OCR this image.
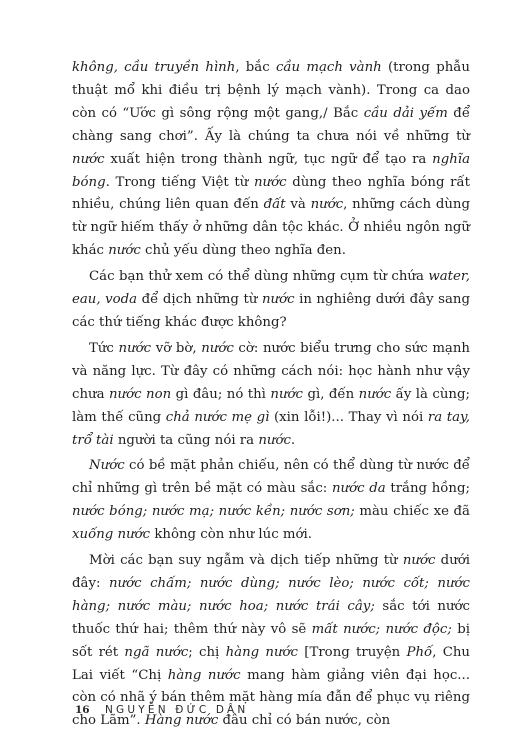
không, cầu truyền hình, bắc cầu mạch vành (trong phẫu thuật mổ khi điều trị bệnh lý mạch vành). Trong ca dao còn có “Ước gì sông rộng một gang,/ Bắc cầu dải yếm để chàng sang chơi”. Ấy là chúng ta chưa nói về những từ nước xuất hiện trong thành ngữ, tục ngữ để tạo ra nghĩa bóng. Trong tiếng Việt từ nước dùng theo nghĩa bóng rất nhiều, chúng liên quan đến đất và nước, những cách dùng từ ngữ hiếm thấy ở những dân tộc khác. Ở nhiều ngôn ngữ khác nước chủ yếu dùng theo nghĩa đen.

Các bạn thử xem có thể dùng những cụm từ chứa water, eau, voda để dịch những từ nước in nghiêng dưới đây sang các thứ tiếng khác được không?

Tức nước vỡ bờ, nước cờ: nước biểu trưng cho sức mạnh và năng lực. Từ đây có những cách nói: học hành như vậy chưa nước non gì đâu; nó thì nước gì, đến nước ấy là cùng; làm thế cũng chả nước mẹ gì (xin lỗi!)... Thay vì nói ra tay, trổ tài người ta cũng nói ra nước.

Nước có bề mặt phản chiếu, nên có thể dùng từ nước để chỉ những gì trên bề mặt có màu sắc: nước da trắng hồng; nước bóng; nước mạ; nước kền; nước sơn; màu chiếc xe đã xuống nước không còn như lúc mới.

Mời các bạn suy ngẫm và dịch tiếp những từ nước dưới đây: nước chấm; nước dùng; nước lèo; nước cốt; nước hàng; nước màu; nước hoa; nước trái cây; sắc tới nước thuốc thứ hai; thêm thứ này vô sẽ mất nước; nước độc; bị sốt rét ngã nước; chị hàng nước [Trong truyện Phố, Chu Lai viết “Chị hàng nước mang hàm giảng viên đại học... còn có nhã ý bán thêm mặt hàng mía đẫn để phục vụ riêng cho Lãm”. Hàng nước đâu chỉ có bán nước, còn

16 NGUYỄN ĐỨC DÂN
